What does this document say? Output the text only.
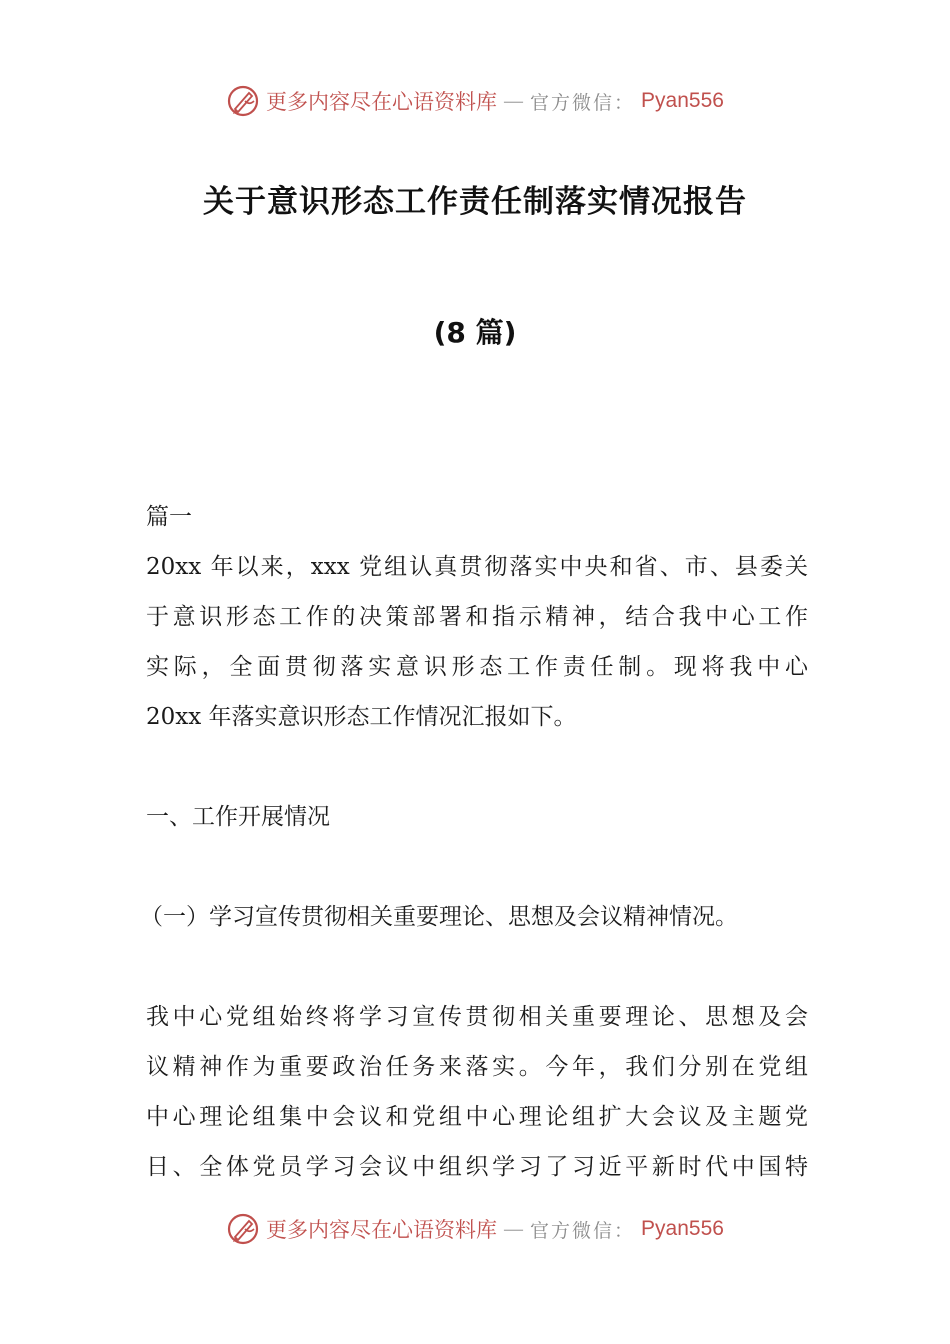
更多内容尽在心语资料库 — 官方微信： Pyan556
关于意识形态工作责任制落实情况报告
(8 篇)
篇一
20xx 年以来，xxx 党组认真贯彻落实中央和省、市、县委关
于意识形态工作的决策部署和指示精神，结合我中心工作
实际，全面贯彻落实意识形态工作责任制。现将我中心
20xx 年落实意识形态工作情况汇报如下。
一、工作开展情况
（一）学习宣传贯彻相关重要理论、思想及会议精神情况。
我中心党组始终将学习宣传贯彻相关重要理论、思想及会
议精神作为重要政治任务来落实。今年，我们分别在党组
中心理论组集中会议和党组中心理论组扩大会议及主题党
日、全体党员学习会议中组织学习了习近平新时代中国特
更多内容尽在心语资料库 — 官方微信： Pyan556
